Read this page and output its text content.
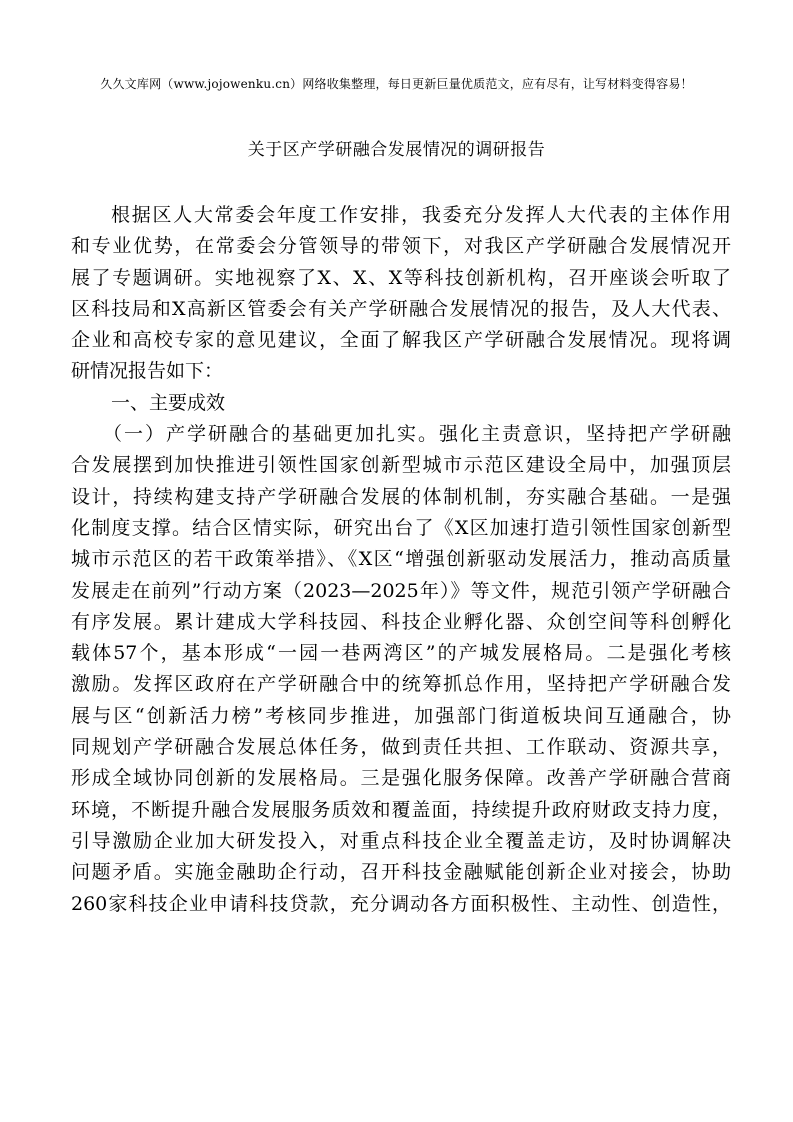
久久文库网（www.jojowenku.cn）网络收集整理，每日更新巨量优质范文，应有尽有，让写材料变得容易！
关于区产学研融合发展情况的调研报告
根据区人大常委会年度工作安排，我委充分发挥人大代表的主体作用
和专业优势，在常委会分管领导的带领下，对我区产学研融合发展情况开
展了专题调研。实地视察了X、X、X等科技创新机构，召开座谈会听取了
区科技局和X高新区管委会有关产学研融合发展情况的报告，及人大代表、
企业和高校专家的意见建议，全面了解我区产学研融合发展情况。现将调
研情况报告如下：
一、主要成效
（一）产学研融合的基础更加扎实。强化主责意识，坚持把产学研融
合发展摆到加快推进引领性国家创新型城市示范区建设全局中，加强顶层
设计，持续构建支持产学研融合发展的体制机制，夯实融合基础。一是强
化制度支撑。结合区情实际，研究出台了《X区加速打造引领性国家创新型
城市示范区的若干政策举措》、《X区“增强创新驱动发展活力，推动高质量
发展走在前列”行动方案（2023—2025年）》等文件，规范引领产学研融合
有序发展。累计建成大学科技园、科技企业孵化器、众创空间等科创孵化
载体57个，基本形成“一园一巷两湾区”的产城发展格局。二是强化考核
激励。发挥区政府在产学研融合中的统筹抓总作用，坚持把产学研融合发
展与区“创新活力榜”考核同步推进，加强部门街道板块间互通融合，协
同规划产学研融合发展总体任务，做到责任共担、工作联动、资源共享，
形成全域协同创新的发展格局。三是强化服务保障。改善产学研融合营商
环境，不断提升融合发展服务质效和覆盖面，持续提升政府财政支持力度，
引导激励企业加大研发投入，对重点科技企业全覆盖走访，及时协调解决
问题矛盾。实施金融助企行动，召开科技金融赋能创新企业对接会，协助
260家科技企业申请科技贷款，充分调动各方面积极性、主动性、创造性，
